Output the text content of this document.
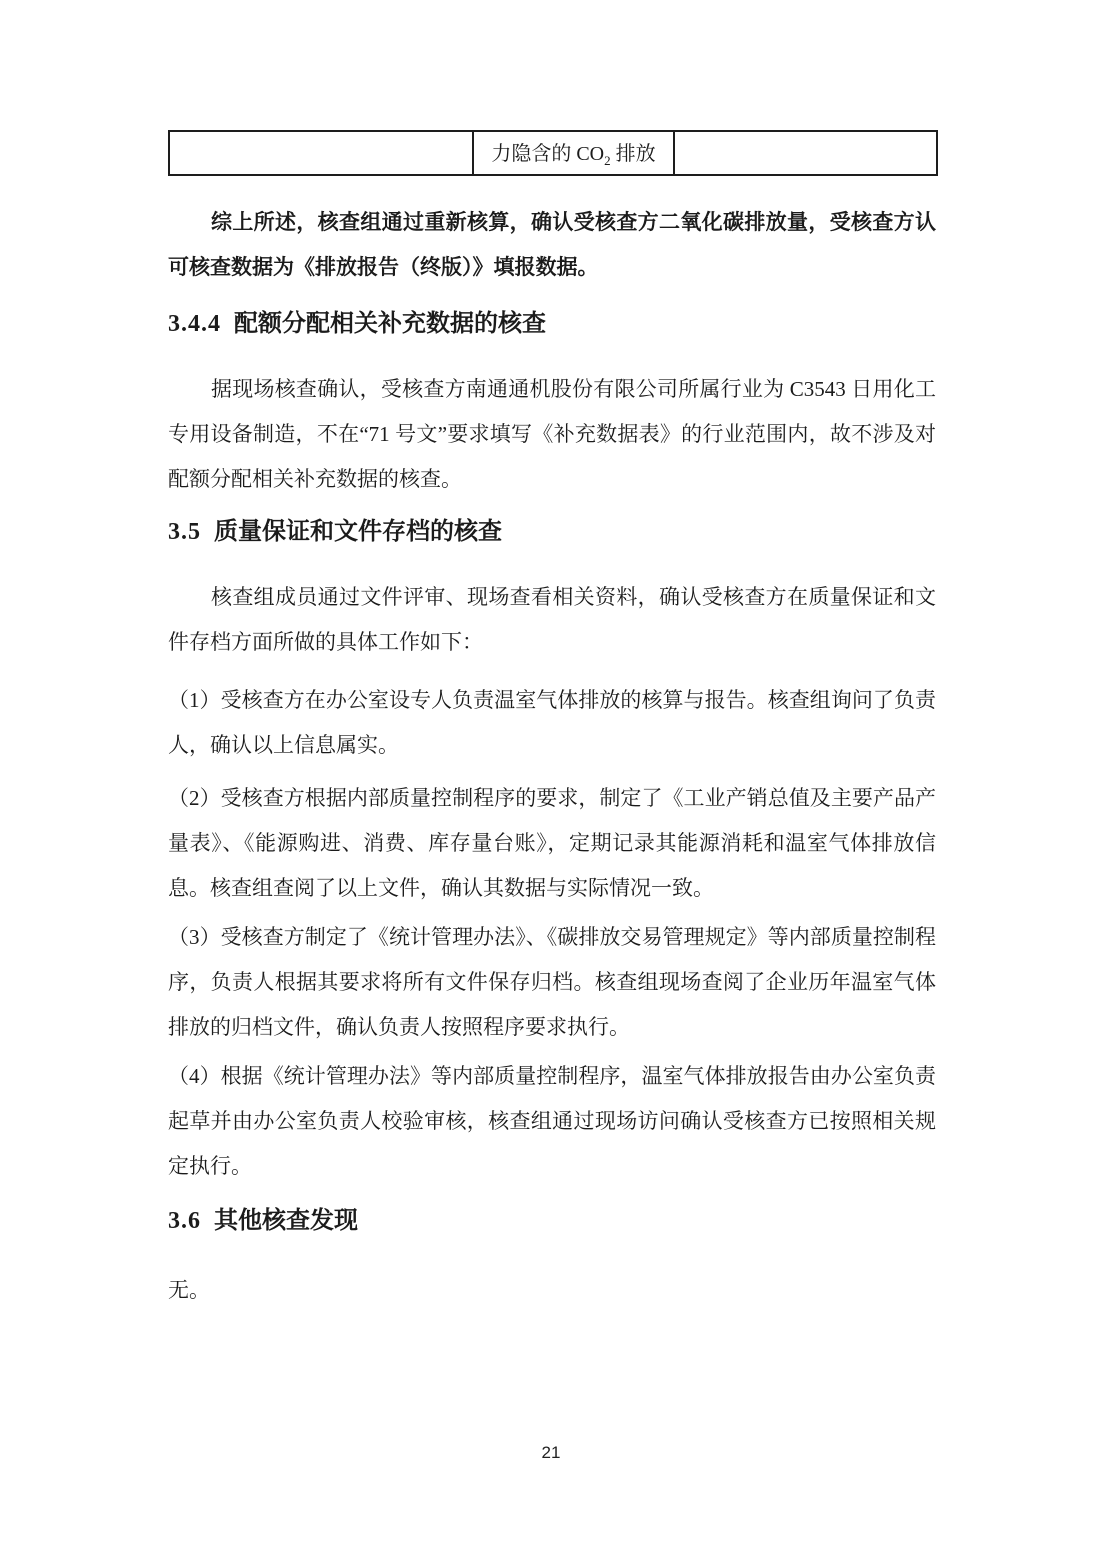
	力隐含的 $CO_2$ 排放	

综上所述，核查组通过重新核算，确认受核查方二氧化碳排放量，受核查方认可核查数据为《排放报告（终版）》填报数据。

3.4.4 配额分配相关补充数据的核查

据现场核查确认，受核查方南通通机股份有限公司所属行业为 C3543 日用化工专用设备制造，不在“71 号文”要求填写《补充数据表》的行业范围内，故不涉及对配额分配相关补充数据的核查。

3.5 质量保证和文件存档的核查

核查组成员通过文件评审、现场查看相关资料，确认受核查方在质量保证和文件存档方面所做的具体工作如下：

（1）受核查方在办公室设专人负责温室气体排放的核算与报告。核查组询问了负责人，确认以上信息属实。

（2）受核查方根据内部质量控制程序的要求，制定了《工业产销总值及主要产品产量表》、《能源购进、消费、库存量台账》，定期记录其能源消耗和温室气体排放信息。核查组查阅了以上文件，确认其数据与实际情况一致。

（3）受核查方制定了《统计管理办法》、《碳排放交易管理规定》等内部质量控制程序，负责人根据其要求将所有文件保存归档。核查组现场查阅了企业历年温室气体排放的归档文件，确认负责人按照程序要求执行。

（4）根据《统计管理办法》等内部质量控制程序，温室气体排放报告由办公室负责起草并由办公室负责人校验审核，核查组通过现场访问确认受核查方已按照相关规定执行。

3.6 其他核查发现

无。

21
